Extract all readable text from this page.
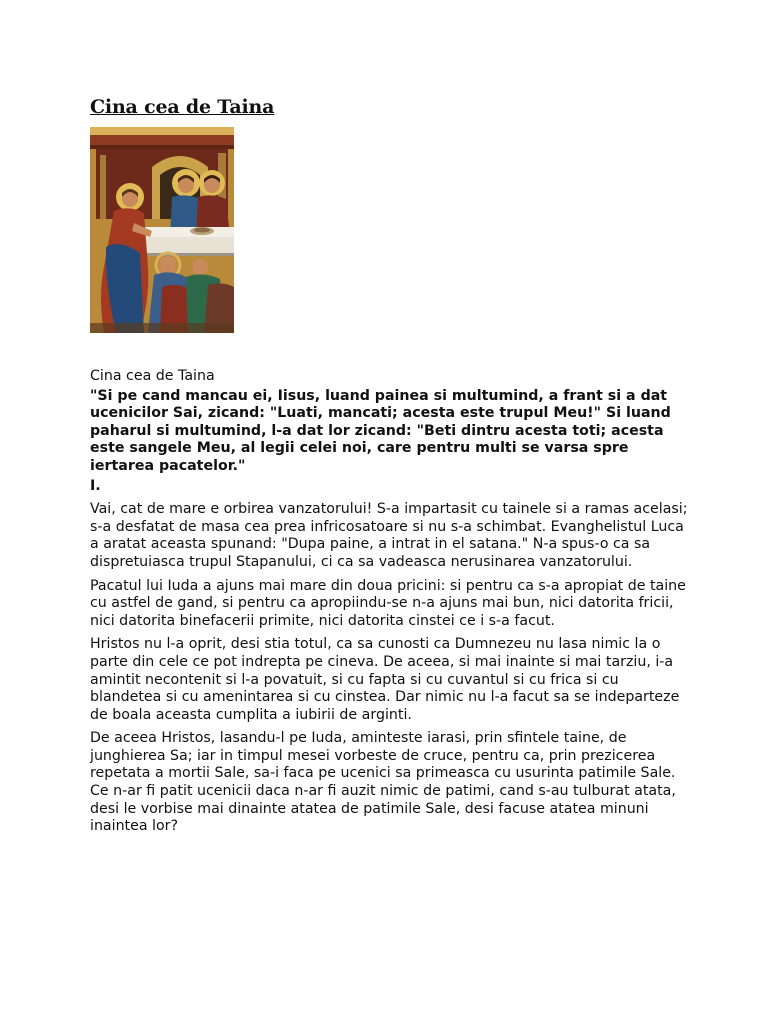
Cina cea de Taina

Cina cea de Taina

"Si pe cand mancau ei, Iisus, luand painea si multumind, a frant si a dat ucenicilor Sai, zicand: "Luati, mancati; acesta este trupul Meu!" Si luand paharul si multumind, l-a dat lor zicand: "Beti dintru acesta toti; acesta este sangele Meu, al legii celei noi, care pentru multi se varsa spre iertarea pacatelor."

I.

Vai, cat de mare e orbirea vanzatorului! S-a impartasit cu tainele si a ramas acelasi; s-a desfatat de masa cea prea infricosatoare si nu s-a schimbat. Evanghelistul Luca a aratat aceasta spunand: "Dupa paine, a intrat in el satana." N-a spus-o ca sa dispretuiasca trupul Stapanului, ci ca sa vadeasca nerusinarea vanzatorului.

Pacatul lui Iuda a ajuns mai mare din doua pricini: si pentru ca s-a apropiat de taine cu astfel de gand, si pentru ca apropiindu-se n-a ajuns mai bun, nici datorita fricii, nici datorita binefacerii primite, nici datorita cinstei ce i s-a facut.

Hristos nu l-a oprit, desi stia totul, ca sa cunosti ca Dumnezeu nu lasa nimic la o parte din cele ce pot indrepta pe cineva. De aceea, si mai inainte si mai tarziu, i-a amintit necontenit si l-a povatuit, si cu fapta si cu cuvantul si cu frica si cu blandetea si cu amenintarea si cu cinstea. Dar nimic nu l-a facut sa se indeparteze de boala aceasta cumplita a iubirii de arginti.

De aceea Hristos, lasandu-l pe Iuda, aminteste iarasi, prin sfintele taine, de junghierea Sa; iar in timpul mesei vorbeste de cruce, pentru ca, prin prezicerea repetata a mortii Sale, sa-i faca pe ucenici sa primeasca cu usurinta patimile Sale. Ce n-ar fi patit ucenicii daca n-ar fi auzit nimic de patimi, cand s-au tulburat atata, desi le vorbise mai dinainte atatea de patimile Sale, desi facuse atatea minuni inaintea lor?
